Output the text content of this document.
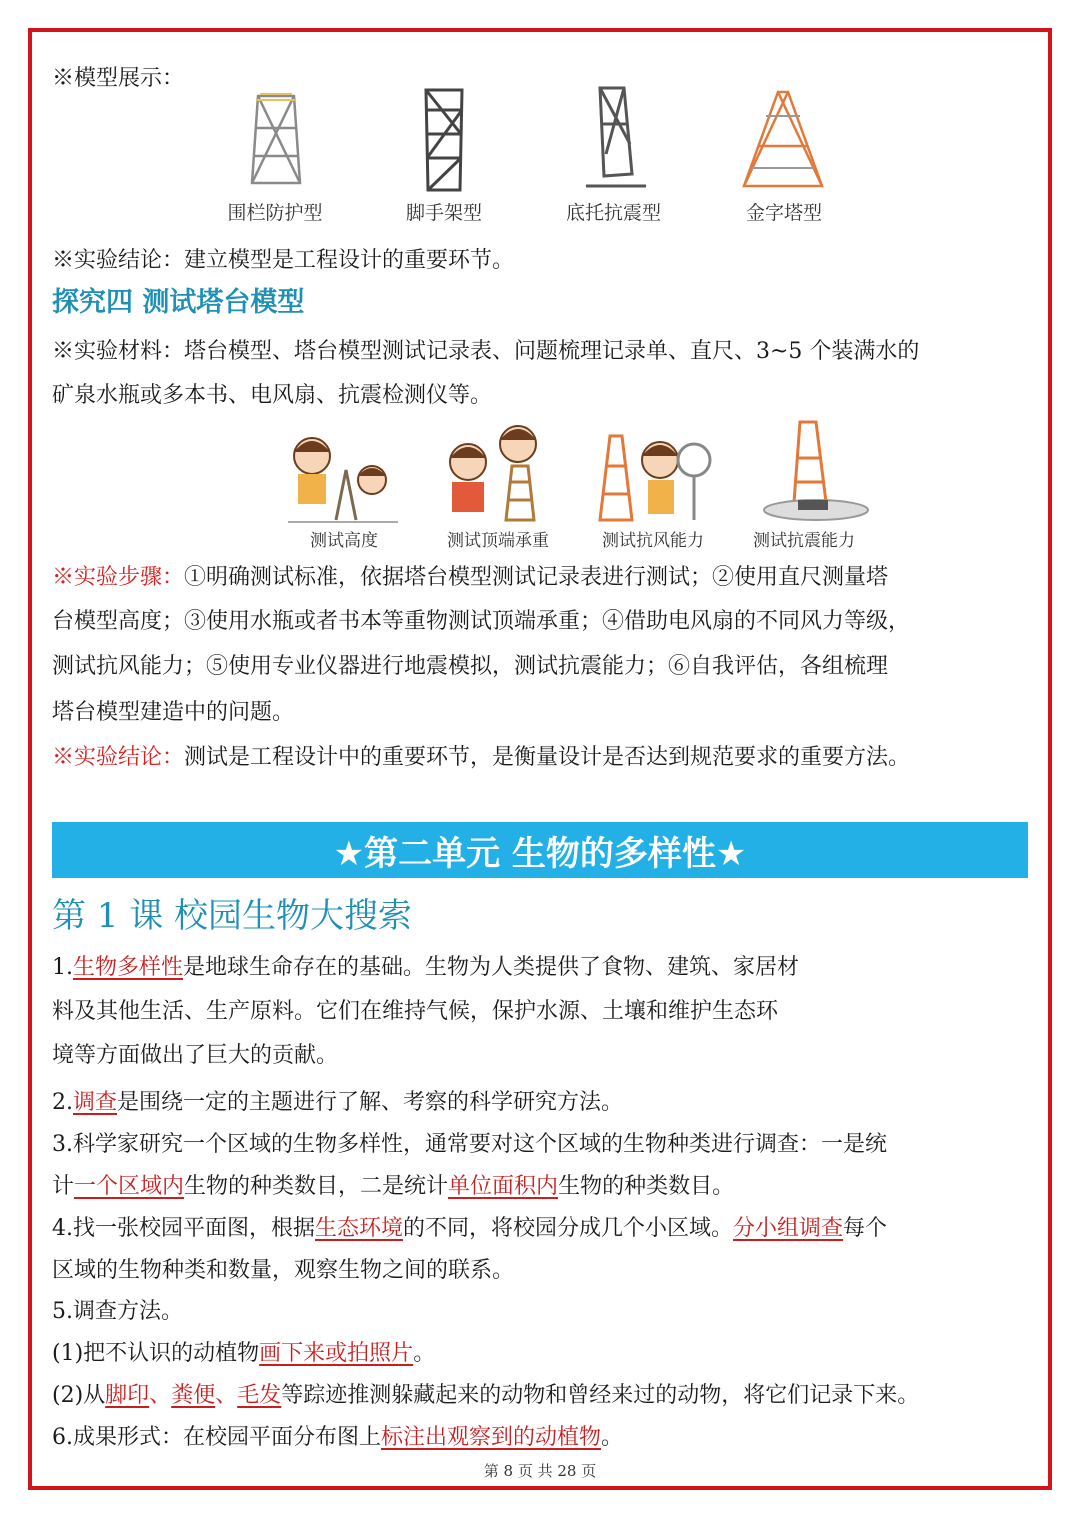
※模型展示：
围栏防护型	脚手架型	底托抗震型	金字塔型
※实验结论：建立模型是工程设计的重要环节。
探究四 测试塔台模型
※实验材料：塔台模型、塔台模型测试记录表、问题梳理记录单、直尺、3~5 个装满水的
矿泉水瓶或多本书、电风扇、抗震检测仪等。
测试高度	测试顶端承重	测试抗风能力	测试抗震能力
※实验步骤：①明确测试标准，依据塔台模型测试记录表进行测试；②使用直尺测量塔
台模型高度；③使用水瓶或者书本等重物测试顶端承重；④借助电风扇的不同风力等级，
测试抗风能力；⑤使用专业仪器进行地震模拟，测试抗震能力；⑥自我评估，各组梳理
塔台模型建造中的问题。
※实验结论：测试是工程设计中的重要环节，是衡量设计是否达到规范要求的重要方法。
★第二单元 生物的多样性★
第 1 课 校园生物大搜索
1.生物多样性是地球生命存在的基础。生物为人类提供了食物、建筑、家居材
料及其他生活、生产原料。它们在维持气候，保护水源、土壤和维护生态环
境等方面做出了巨大的贡献。
2.调查是围绕一定的主题进行了解、考察的科学研究方法。
3.科学家研究一个区域的生物多样性，通常要对这个区域的生物种类进行调查：一是统
计一个区域内生物的种类数目，二是统计单位面积内生物的种类数目。
4.找一张校园平面图，根据生态环境的不同，将校园分成几个小区域。分小组调查每个
区域的生物种类和数量，观察生物之间的联系。
5.调查方法。
(1)把不认识的动植物画下来或拍照片。
(2)从脚印、粪便、毛发等踪迹推测躲藏起来的动物和曾经来过的动物，将它们记录下来。
6.成果形式：在校园平面分布图上标注出观察到的动植物。
第 8 页 共 28 页
